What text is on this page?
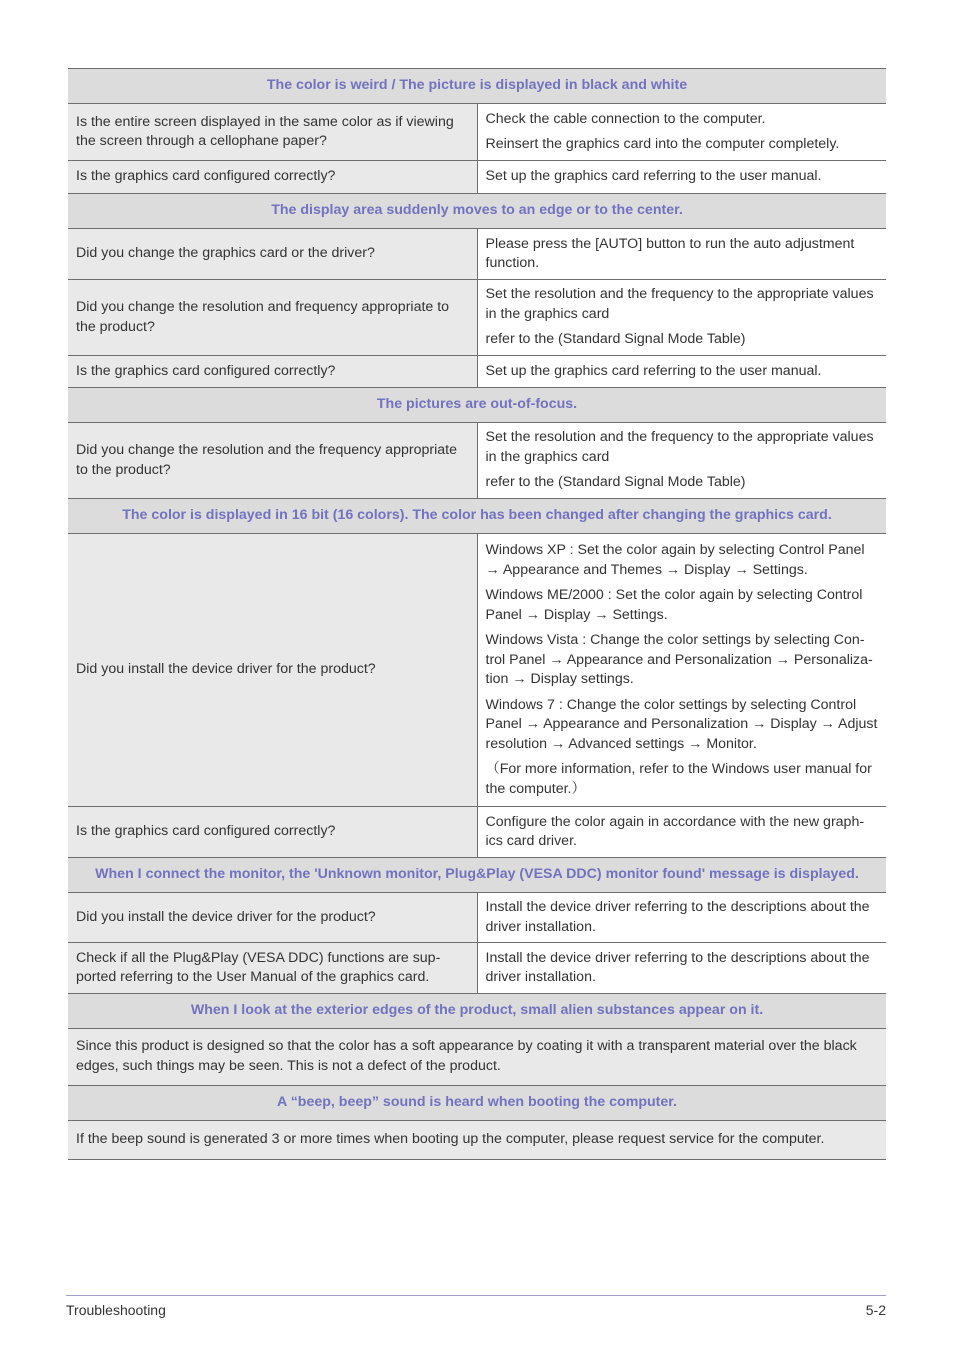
The color is weird / The picture is displayed in black and white	
Is the entire screen displayed in the same color as if viewing the screen through a cellophane paper?	Check the cable connection to the computer.

Reinsert the graphics card into the computer completely.

Is the graphics card configured correctly?	Set up the graphics card referring to the user manual.

The display area suddenly moves to an edge or to the center.	
Did you change the graphics card or the driver?	Please press the [AUTO] button to run the auto adjustment function.

Did you change the resolution and frequency appropriate to the product?	Set the resolution and the frequency to the appropriate values in the graphics card

refer to the (Standard Signal Mode Table)

Is the graphics card configured correctly?	Set up the graphics card referring to the user manual.

The pictures are out-of-focus.	
Did you change the resolution and the frequency appropriate to the product?	Set the resolution and the frequency to the appropriate values in the graphics card

refer to the (Standard Signal Mode Table)

The color is displayed in 16 bit (16 colors). The color has been changed after changing the graphics card.	
Did you install the device driver for the product?	Windows XP : Set the color again by selecting Control Panel → Appearance and Themes → Display → Settings.

Windows ME/2000 : Set the color again by selecting Control Panel → Display → Settings.

Windows Vista : Change the color settings by selecting Con-trol Panel → Appearance and Personalization → Personaliza-tion → Display settings.

Windows 7 : Change the color settings by selecting Control Panel → Appearance and Personalization → Display → Adjust resolution → Advanced settings → Monitor.

（For more information, refer to the Windows user manual for the computer.）

Is the graphics card configured correctly?	Configure the color again in accordance with the new graph-ics card driver.

When I connect the monitor, the 'Unknown monitor, Plug&Play (VESA DDC) monitor found' message is displayed.	
Did you install the device driver for the product?	Install the device driver referring to the descriptions about the driver installation.

Check if all the Plug&Play (VESA DDC) functions are sup-ported referring to the User Manual of the graphics card.	Install the device driver referring to the descriptions about the driver installation.

When I look at the exterior edges of the product, small alien substances appear on it.	
Since this product is designed so that the color has a soft appearance by coating it with a transparent material over the black edges, such things may be seen. This is not a defect of the product.	
A “beep, beep” sound is heard when booting the computer.	
If the beep sound is generated 3 or more times when booting up the computer, please request service for the computer.	
Troubleshooting	5-2
